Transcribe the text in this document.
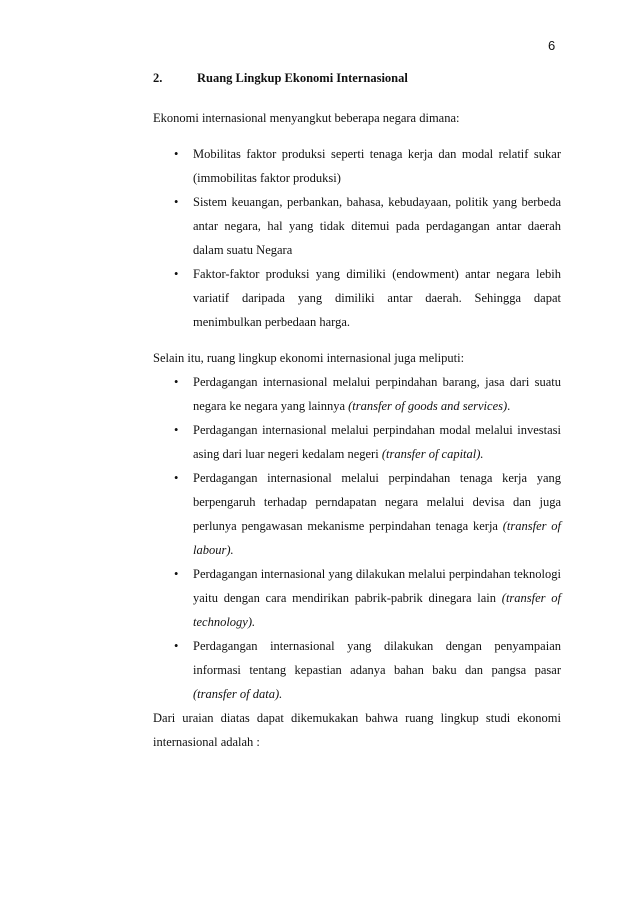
6
2.	Ruang Lingkup Ekonomi Internasional

Ekonomi internasional menyangkut beberapa negara dimana:

• Mobilitas faktor produksi seperti tenaga kerja dan modal relatif sukar (immobilitas faktor produksi)
• Sistem keuangan, perbankan, bahasa, kebudayaan, politik yang berbeda antar negara, hal yang tidak ditemui pada perdagangan antar daerah dalam suatu Negara
• Faktor-faktor produksi yang dimiliki (endowment) antar negara lebih variatif daripada yang dimiliki antar daerah. Sehingga dapat menimbulkan perbedaan harga.

Selain itu, ruang lingkup ekonomi internasional juga meliputi:

• Perdagangan internasional melalui perpindahan barang, jasa dari suatu negara ke negara yang lainnya (transfer of goods and services).
• Perdagangan internasional melalui perpindahan modal melalui investasi asing dari luar negeri kedalam negeri (transfer of capital).
• Perdagangan internasional melalui perpindahan tenaga kerja yang berpengaruh terhadap perndapatan negara melalui devisa dan juga perlunya pengawasan mekanisme perpindahan tenaga kerja (transfer of labour).
• Perdagangan internasional yang dilakukan melalui perpindahan teknologi yaitu dengan cara mendirikan pabrik-pabrik dinegara lain (transfer of technology).
• Perdagangan internasional yang dilakukan dengan penyampaian informasi tentang kepastian adanya bahan baku dan pangsa pasar (transfer of data).

Dari uraian diatas dapat dikemukakan bahwa ruang lingkup studi ekonomi internasional adalah :
